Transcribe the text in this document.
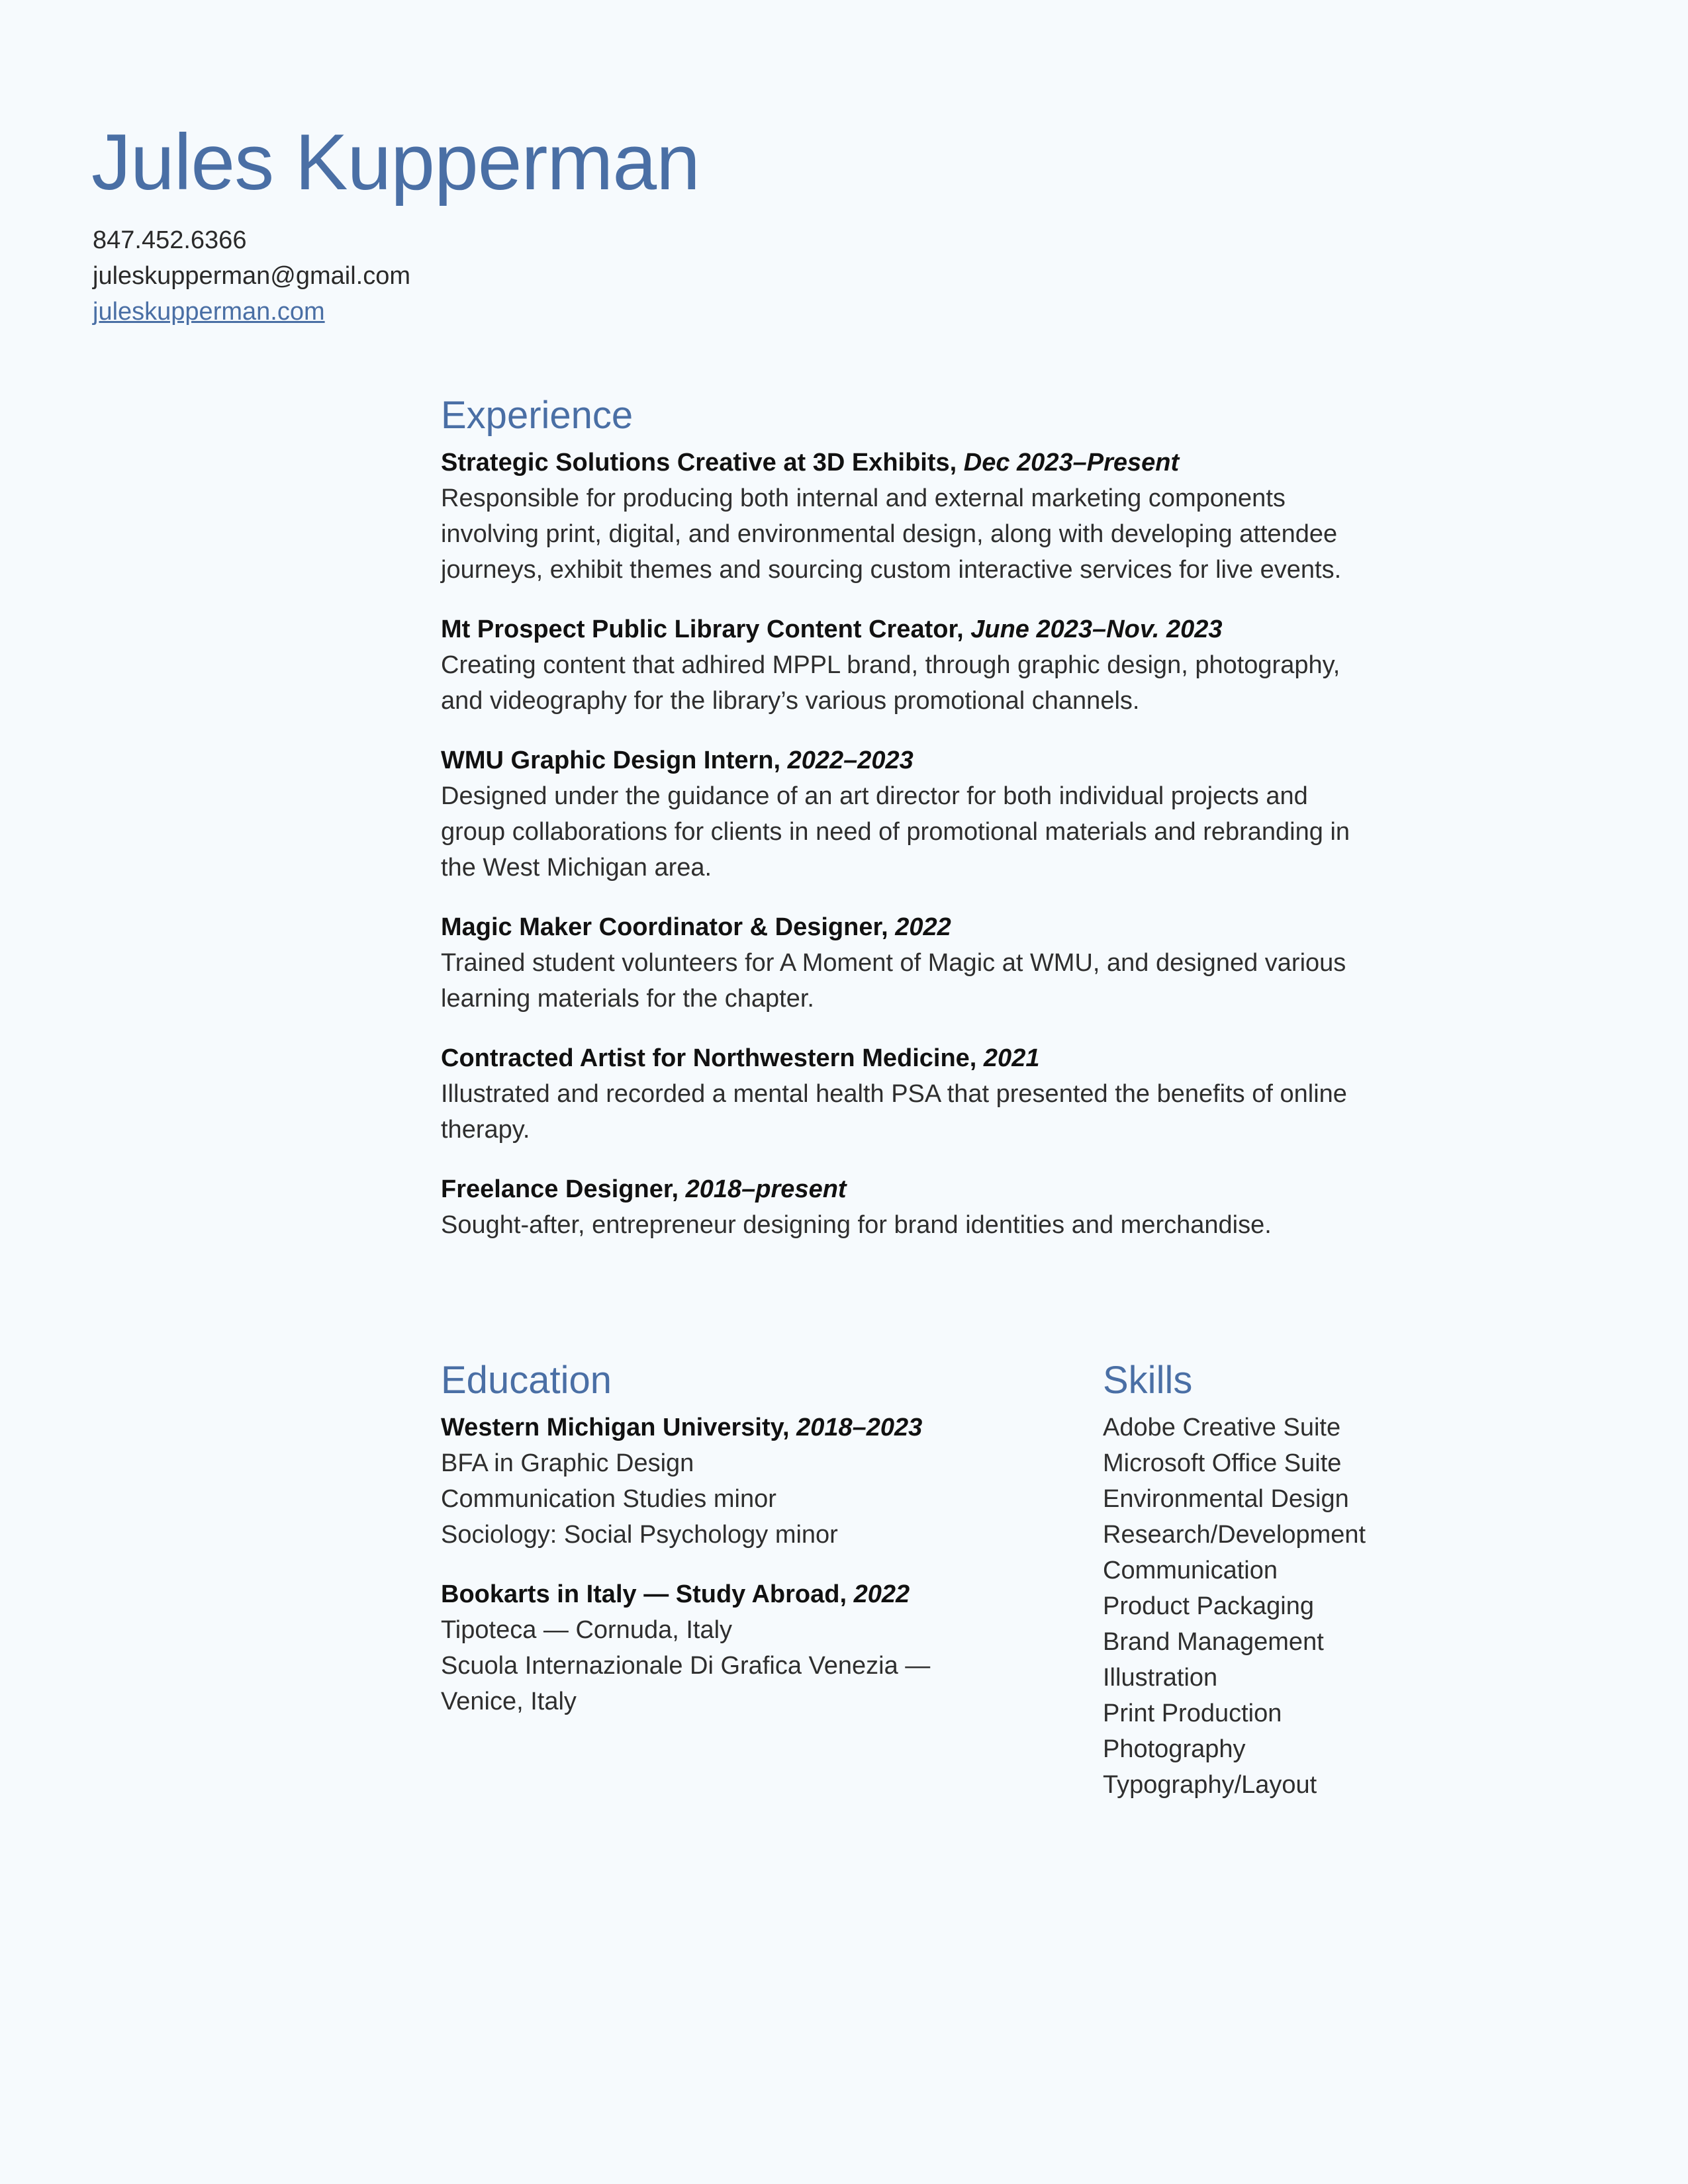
Jules Kupperman
847.452.6366
juleskupperman@gmail.com
juleskupperman.com
Experience
Strategic Solutions Creative at 3D Exhibits, Dec 2023–Present
Responsible for producing both internal and external marketing components involving print, digital, and environmental design, along with developing attendee journeys, exhibit themes and sourcing custom interactive services for live events.
Mt Prospect Public Library Content Creator, June 2023–Nov. 2023
Creating content that adhired MPPL brand, through graphic design, photography, and videography for the library’s various promotional channels.
WMU Graphic Design Intern, 2022–2023
Designed under the guidance of an art director for both individual projects and group collaborations for clients in need of promotional materials and rebranding in the West Michigan area.
Magic Maker Coordinator & Designer, 2022
Trained student volunteers for A Moment of Magic at WMU, and designed various learning materials for the chapter.
Contracted Artist for Northwestern Medicine, 2021
Illustrated and recorded a mental health PSA that presented the benefits of online therapy.
Freelance Designer, 2018–present
Sought-after, entrepreneur designing for brand identities and merchandise.
Education
Western Michigan University, 2018–2023
BFA in Graphic Design
Communication Studies minor
Sociology: Social Psychology minor
Bookarts in Italy — Study Abroad, 2022
Tipoteca — Cornuda, Italy
Scuola Internazionale Di Grafica Venezia —
Venice, Italy
Skills
Adobe Creative Suite
Microsoft Office Suite
Environmental Design
Research/Development
Communication
Product Packaging
Brand Management
Illustration
Print Production
Photography
Typography/Layout
